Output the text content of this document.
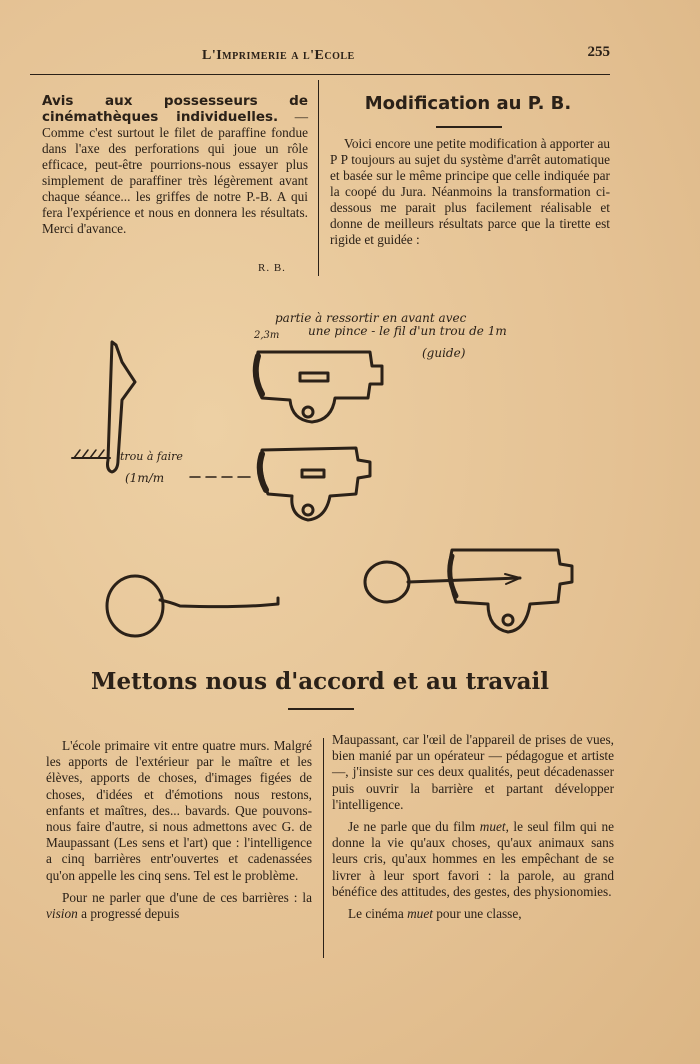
L'Imprimerie a l'Ecole	255
Avis aux possesseurs de cinémathèques individuelles. — Comme c'est surtout le filet de paraffine fondue dans l'axe des perforations qui joue un rôle efficace, peut-être pourrions-nous essayer plus simplement de paraffiner très légèrement avant chaque séance... les griffes de notre P.-B. A qui fera l'expérience et nous en donnera les résultats. Merci d'avance.
R. B.
Modification au P. B.
Voici encore une petite modification à apporter au P P toujours au sujet du système d'arrêt automatique et basée sur le même principe que celle indiquée par la coopé du Jura. Néanmoins la transformation ci-dessous me parait plus facilement réalisable et donne de meilleurs résultats parce que la tirette est rigide et guidée :
partie à ressortir en avant avec
2,3m une pince - le fil d'un trou de 1m
(guide)
trou à faire
(1m/m
Mettons nous d'accord et au travail

L'école primaire vit entre quatre murs. Malgré les apports de l'extérieur par le maître et les élèves, apports de choses, d'images figées de choses, d'idées et d'émotions nous restons, enfants et maîtres, des... bavards. Que pouvons-nous faire d'autre, si nous admettons avec G. de Maupassant (Les sens et l'art) que : l'intelligence a cinq barrières entr'ouvertes et cadenassées qu'on appelle les cinq sens. Tel est le problème.

Pour ne parler que d'une de ces barrières : la vision a progressé depuis

Maupassant, car l'œil de l'appareil de prises de vues, bien manié par un opérateur — pédagogue et artiste —, j'insiste sur ces deux qualités, peut décadenasser puis ouvrir la barrière et partant développer l'intelligence.

Je ne parle que du film muet, le seul film qui ne donne la vie qu'aux choses, qu'aux animaux sans leurs cris, qu'aux hommes en les empêchant de se livrer à leur sport favori : la parole, au grand bénéfice des attitudes, des gestes, des physionomies.

Le cinéma muet pour une classe,
